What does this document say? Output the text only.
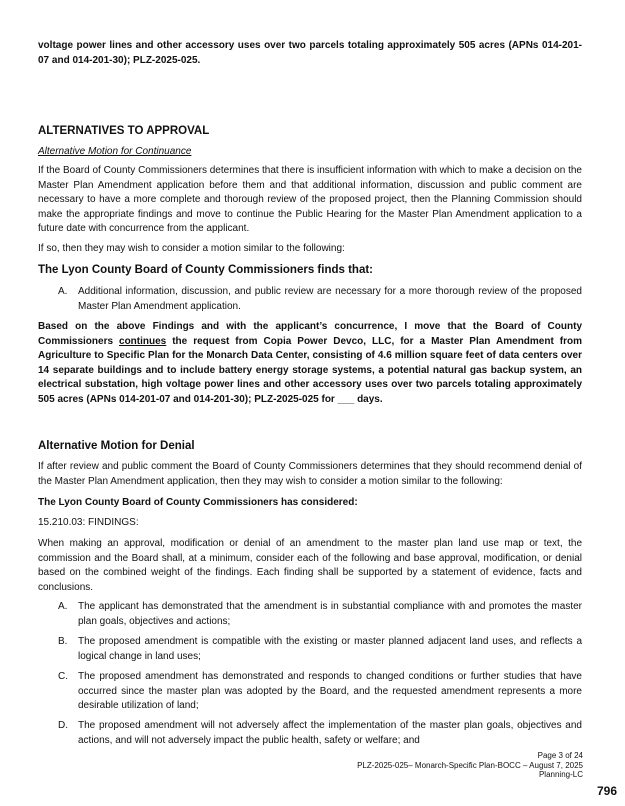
voltage power lines and other accessory uses over two parcels totaling approximately 505 acres (APNs 014-201-07 and 014-201-30); PLZ-2025-025.
ALTERNATIVES TO APPROVAL
Alternative Motion for Continuance
If the Board of County Commissioners determines that there is insufficient information with which to make a decision on the Master Plan Amendment application before them and that additional information, discussion and public comment are necessary to have a more complete and thorough review of the proposed project, then the Planning Commission should make the appropriate findings and move to continue the Public Hearing for the Master Plan Amendment application to a future date with concurrence from the applicant.
If so, then they may wish to consider a motion similar to the following:
The Lyon County Board of County Commissioners finds that:
A. Additional information, discussion, and public review are necessary for a more thorough review of the proposed Master Plan Amendment application.
Based on the above Findings and with the applicant’s concurrence, I move that the Board of County Commissioners continues the request from Copia Power Devco, LLC, for a Master Plan Amendment from Agriculture to Specific Plan for the Monarch Data Center, consisting of 4.6 million square feet of data centers over 14 separate buildings and to include battery energy storage systems, a potential natural gas backup system, an electrical substation, high voltage power lines and other accessory uses over two parcels totaling approximately 505 acres (APNs 014-201-07 and 014-201-30); PLZ-2025-025 for ___ days.
Alternative Motion for Denial
If after review and public comment the Board of County Commissioners determines that they should recommend denial of the Master Plan Amendment application, then they may wish to consider a motion similar to the following:
The Lyon County Board of County Commissioners has considered:
15.210.03: FINDINGS:
When making an approval, modification or denial of an amendment to the master plan land use map or text, the commission and the Board shall, at a minimum, consider each of the following and base approval, modification, or denial based on the combined weight of the findings. Each finding shall be supported by a statement of evidence, facts and conclusions.
A. The applicant has demonstrated that the amendment is in substantial compliance with and promotes the master plan goals, objectives and actions;
B. The proposed amendment is compatible with the existing or master planned adjacent land uses, and reflects a logical change in land uses;
C. The proposed amendment has demonstrated and responds to changed conditions or further studies that have occurred since the master plan was adopted by the Board, and the requested amendment represents a more desirable utilization of land;
D. The proposed amendment will not adversely affect the implementation of the master plan goals, objectives and actions, and will not adversely impact the public health, safety or welfare; and
Page 3 of 24
PLZ-2025-025– Monarch-Specific Plan-BOCC – August 7, 2025
Planning-LC
796
